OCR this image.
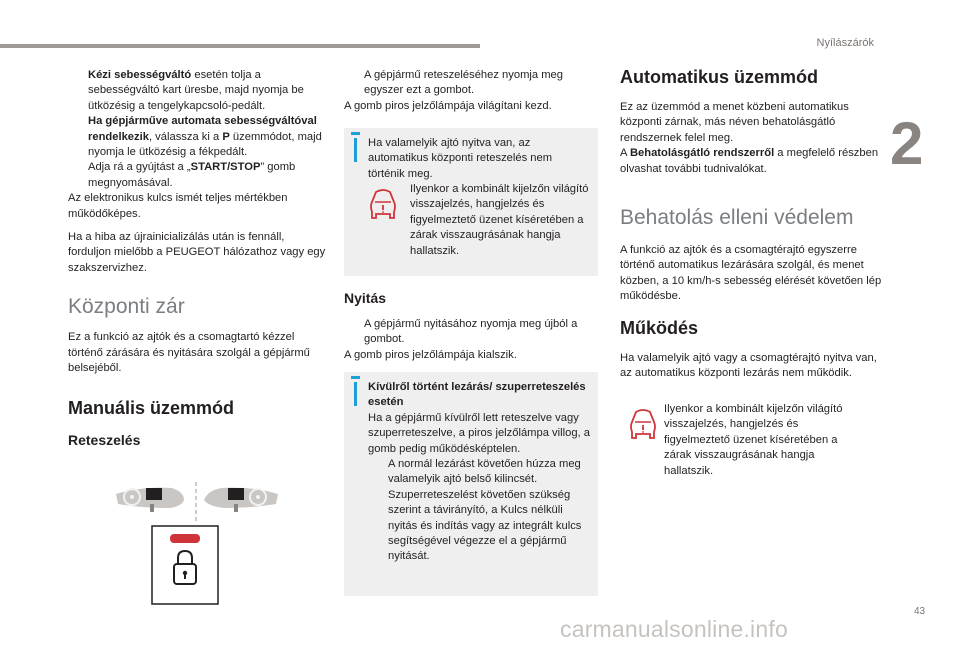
Nyílászárók
2

Kézi sebességváltó esetén tolja a sebességváltó kart üresbe, majd nyomja be ütközésig a tengelykapcsoló-pedált.

Ha gépjárműve automata sebességváltóval rendelkezik, válassza ki a P üzemmódot, majd nyomja le ütközésig a fékpedált.

Adja rá a gyújtást a „START/STOP” gomb megnyomásával.

Az elektronikus kulcs ismét teljes mértékben működőképes.

Ha a hiba az újrainicializálás után is fennáll, forduljon mielőbb a PEUGEOT hálózathoz vagy egy szakszervizhez.

Központi zár

Ez a funkció az ajtók és a csomagtartó kézzel történő zárására és nyitására szolgál a gépjármű belsejéből.

Manuális üzemmód
Reteszelés

A gépjármű reteszeléséhez nyomja meg egyszer ezt a gombot.

A gomb piros jelzőlámpája világítani kezd.

Ha valamelyik ajtó nyitva van, az automatikus központi reteszelés nem történik meg.
Ilyenkor a kombinált kijelzőn világító visszajelzés, hangjelzés és figyelmeztető üzenet kíséretében a zárak visszaugrásának hangja hallatszik.
Nyitás

A gépjármű nyitásához nyomja meg újból a gombot.

A gomb piros jelzőlámpája kialszik.

Kívülről történt lezárás/ szuperreteszelés esetén

Ha a gépjármű kívülről lett reteszelve vagy szuperreteszelve, a piros jelzőlámpa villog, a gomb pedig működésképtelen.

A normál lezárást követően húzza meg valamelyik ajtó belső kilincsét.

Szuperreteszelést követően szükség szerint a távirányító, a Kulcs nélküli nyitás és indítás vagy az integrált kulcs segítségével végezze el a gépjármű nyitását.

Automatikus üzemmód

Ez az üzemmód a menet közbeni automatikus központi zárnak, más néven behatolásgátló rendszernek felel meg.

A Behatolásgátló rendszerről a megfelelő részben olvashat további tudnivalókat.

Behatolás elleni védelem

A funkció az ajtók és a csomagtérajtó egyszerre történő automatikus lezárására szolgál, és menet közben, a 10 km/h-s sebesség elérését követően lép működésbe.

Működés

Ha valamelyik ajtó vagy a csomagtérajtó nyitva van, az automatikus központi lezárás nem működik.

Ilyenkor a kombinált kijelzőn világító visszajelzés, hangjelzés és figyelmeztető üzenet kíséretében a zárak visszaugrásának hangja hallatszik.
43
carmanualsonline.info
